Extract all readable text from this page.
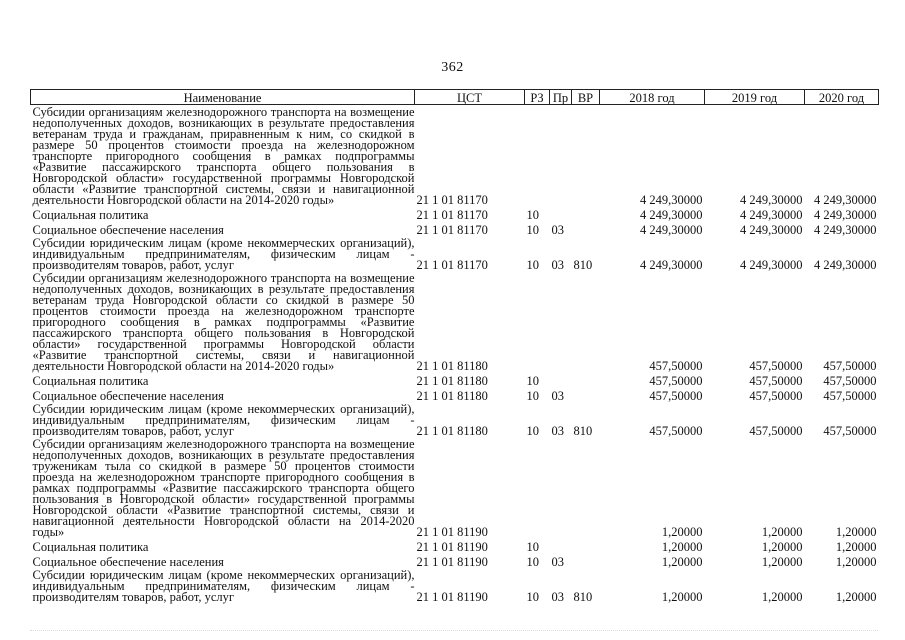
362
Наименование	ЦСТ	РЗ	Пр	ВР	2018 год	2019 год	2020 год
Субсидии организациям железнодорожного транспорта на возмещение недополученных доходов, возникающих в результате предоставления ветеранам труда и гражданам, приравненным к ним, со скидкой в размере 50 процентов стоимости проезда на железнодорожном транспорте пригородного сообщения в рамках подпрограммы «Развитие пассажирского транспорта общего пользования в Новгородской области» государственной программы Новгородской области «Развитие транспортной системы, связи и навигационной деятельности Новгородской области на 2014-2020 годы»	21 1 01 81170				4 249,30000	4 249,30000	4 249,30000
Социальная политика	21 1 01 81170	10			4 249,30000	4 249,30000	4 249,30000
Социальное обеспечение населения	21 1 01 81170	10	03		4 249,30000	4 249,30000	4 249,30000
Субсидии юридическим лицам (кроме некоммерческих организаций), индивидуальным предпринимателям, физическим лицам - производителям товаров, работ, услуг	21 1 01 81170	10	03	810	4 249,30000	4 249,30000	4 249,30000
Субсидии организациям железнодорожного транспорта на возмещение недополученных доходов, возникающих в результате предоставления ветеранам труда Новгородской области со скидкой в размере 50 процентов стоимости проезда на железнодорожном транспорте пригородного сообщения в рамках подпрограммы «Развитие пассажирского транспорта общего пользования в Новгородской области» государственной программы Новгородской области «Развитие транспортной системы, связи и навигационной деятельности Новгородской области на 2014-2020 годы»	21 1 01 81180				457,50000	457,50000	457,50000
Социальная политика	21 1 01 81180	10			457,50000	457,50000	457,50000
Социальное обеспечение населения	21 1 01 81180	10	03		457,50000	457,50000	457,50000
Субсидии юридическим лицам (кроме некоммерческих организаций), индивидуальным предпринимателям, физическим лицам - производителям товаров, работ, услуг	21 1 01 81180	10	03	810	457,50000	457,50000	457,50000
Субсидии организациям железнодорожного транспорта на возмещение недополученных доходов, возникающих в результате предоставления труженикам тыла со скидкой в размере 50 процентов стоимости проезда на железнодорожном транспорте пригородного сообщения в рамках подпрограммы «Развитие пассажирского транспорта общего пользования в Новгородской области» государственной программы Новгородской области «Развитие транспортной системы, связи и навигационной деятельности Новгородской области на 2014-2020 годы»	21 1 01 81190				1,20000	1,20000	1,20000
Социальная политика	21 1 01 81190	10			1,20000	1,20000	1,20000
Социальное обеспечение населения	21 1 01 81190	10	03		1,20000	1,20000	1,20000
Субсидии юридическим лицам (кроме некоммерческих организаций), индивидуальным предпринимателям, физическим лицам - производителям товаров, работ, услуг	21 1 01 81190	10	03	810	1,20000	1,20000	1,20000
